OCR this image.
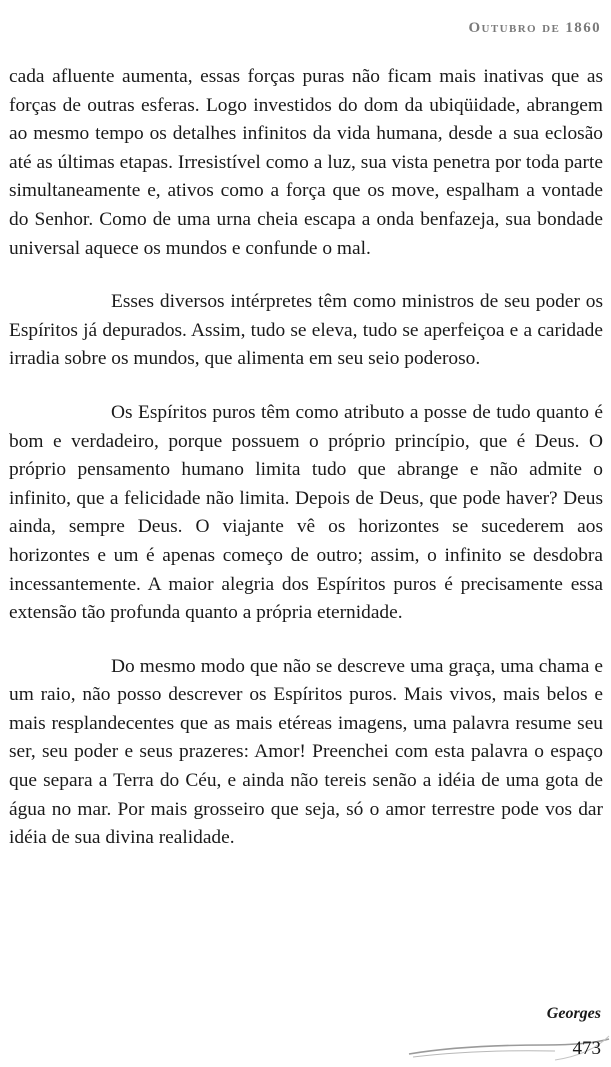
Outubro de 1860

cada afluente aumenta, essas forças puras não ficam mais inativas que as forças de outras esferas. Logo investidos do dom da ubiqüidade, abrangem ao mesmo tempo os detalhes infinitos da vida humana, desde a sua eclosão até as últimas etapas. Irresistível como a luz, sua vista penetra por toda parte simultaneamente e, ativos como a força que os move, espalham a vontade do Senhor. Como de uma urna cheia escapa a onda benfazeja, sua bondade universal aquece os mundos e confunde o mal.

Esses diversos intérpretes têm como ministros de seu poder os Espíritos já depurados. Assim, tudo se eleva, tudo se aperfeiçoa e a caridade irradia sobre os mundos, que alimenta em seu seio poderoso.

Os Espíritos puros têm como atributo a posse de tudo quanto é bom e verdadeiro, porque possuem o próprio princípio, que é Deus. O próprio pensamento humano limita tudo que abrange e não admite o infinito, que a felicidade não limita. Depois de Deus, que pode haver? Deus ainda, sempre Deus. O viajante vê os horizontes se sucederem aos horizontes e um é apenas começo de outro; assim, o infinito se desdobra incessantemente. A maior alegria dos Espíritos puros é precisamente essa extensão tão profunda quanto a própria eternidade.

Do mesmo modo que não se descreve uma graça, uma chama e um raio, não posso descrever os Espíritos puros. Mais vivos, mais belos e mais resplandecentes que as mais etéreas imagens, uma palavra resume seu ser, seu poder e seus prazeres: Amor! Preenchei com esta palavra o espaço que separa a Terra do Céu, e ainda não tereis senão a idéia de uma gota de água no mar. Por mais grosseiro que seja, só o amor terrestre pode vos dar idéia de sua divina realidade.

Georges
473
